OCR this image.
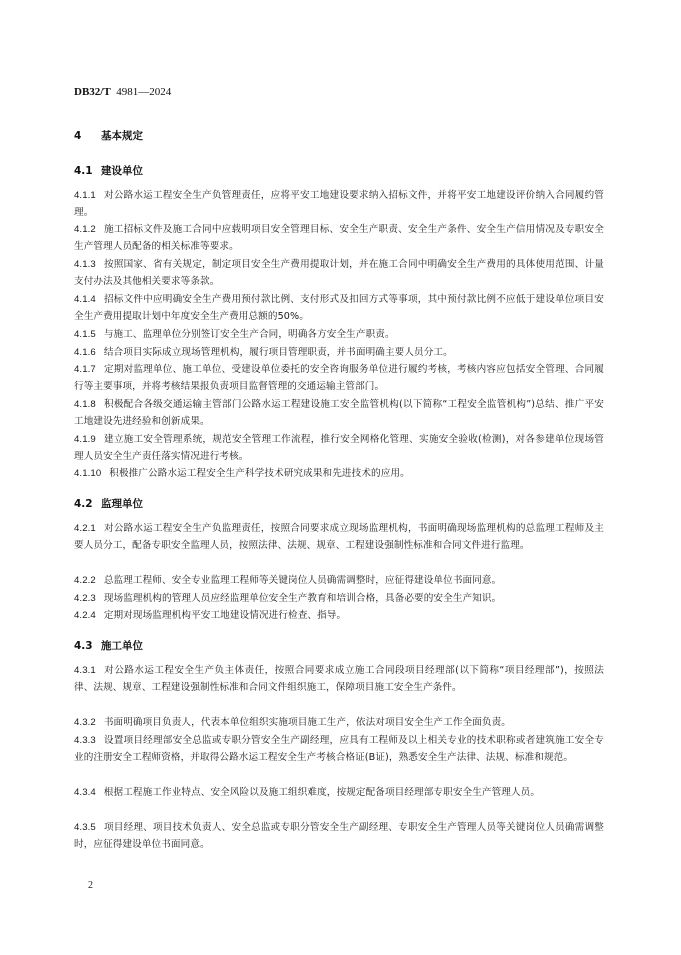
DB32/T 4981—2024
4 基本规定
4.1 建设单位
4.1.1 对公路水运工程安全生产负管理责任，应将平安工地建设要求纳入招标文件，并将平安工地建设评价纳入合同履约管理。
4.1.2 施工招标文件及施工合同中应载明项目安全管理目标、安全生产职责、安全生产条件、安全生产信用情况及专职安全生产管理人员配备的相关标准等要求。
4.1.3 按照国家、省有关规定，制定项目安全生产费用提取计划，并在施工合同中明确安全生产费用的具体使用范围、计量支付办法及其他相关要求等条款。
4.1.4 招标文件中应明确安全生产费用预付款比例、支付形式及扣回方式等事项，其中预付款比例不应低于建设单位项目安全生产费用提取计划中年度安全生产费用总额的50%。
4.1.5 与施工、监理单位分别签订安全生产合同，明确各方安全生产职责。
4.1.6 结合项目实际成立现场管理机构，履行项目管理职责，并书面明确主要人员分工。
4.1.7 定期对监理单位、施工单位、受建设单位委托的安全咨询服务单位进行履约考核，考核内容应包括安全管理、合同履行等主要事项，并将考核结果报负责项目监督管理的交通运输主管部门。
4.1.8 积极配合各级交通运输主管部门公路水运工程建设施工安全监管机构(以下简称“工程安全监管机构”)总结、推广平安工地建设先进经验和创新成果。
4.1.9 建立施工安全管理系统，规范安全管理工作流程，推行安全网格化管理、实施安全验收(检测)，对各参建单位现场管理人员安全生产责任落实情况进行考核。
4.1.10 积极推广公路水运工程安全生产科学技术研究成果和先进技术的应用。
4.2 监理单位
4.2.1 对公路水运工程安全生产负监理责任，按照合同要求成立现场监理机构，书面明确现场监理机构的总监理工程师及主要人员分工，配备专职安全监理人员，按照法律、法规、规章、工程建设强制性标准和合同文件进行监理。
4.2.2 总监理工程师、安全专业监理工程师等关键岗位人员确需调整时，应征得建设单位书面同意。
4.2.3 现场监理机构的管理人员应经监理单位安全生产教育和培训合格，具备必要的安全生产知识。
4.2.4 定期对现场监理机构平安工地建设情况进行检查、指导。
4.3 施工单位
4.3.1 对公路水运工程安全生产负主体责任，按照合同要求成立施工合同段项目经理部(以下简称“项目经理部”)，按照法律、法规、规章、工程建设强制性标准和合同文件组织施工，保障项目施工安全生产条件。
4.3.2 书面明确项目负责人，代表本单位组织实施项目施工生产，依法对项目安全生产工作全面负责。
4.3.3 设置项目经理部安全总监或专职分管安全生产副经理，应具有工程师及以上相关专业的技术职称或者建筑施工安全专业的注册安全工程师资格，并取得公路水运工程安全生产考核合格证(B证)，熟悉安全生产法律、法规、标准和规范。
4.3.4 根据工程施工作业特点、安全风险以及施工组织难度，按规定配备项目经理部专职安全生产管理人员。
4.3.5 项目经理、项目技术负责人、安全总监或专职分管安全生产副经理、专职安全生产管理人员等关键岗位人员确需调整时，应征得建设单位书面同意。
2
